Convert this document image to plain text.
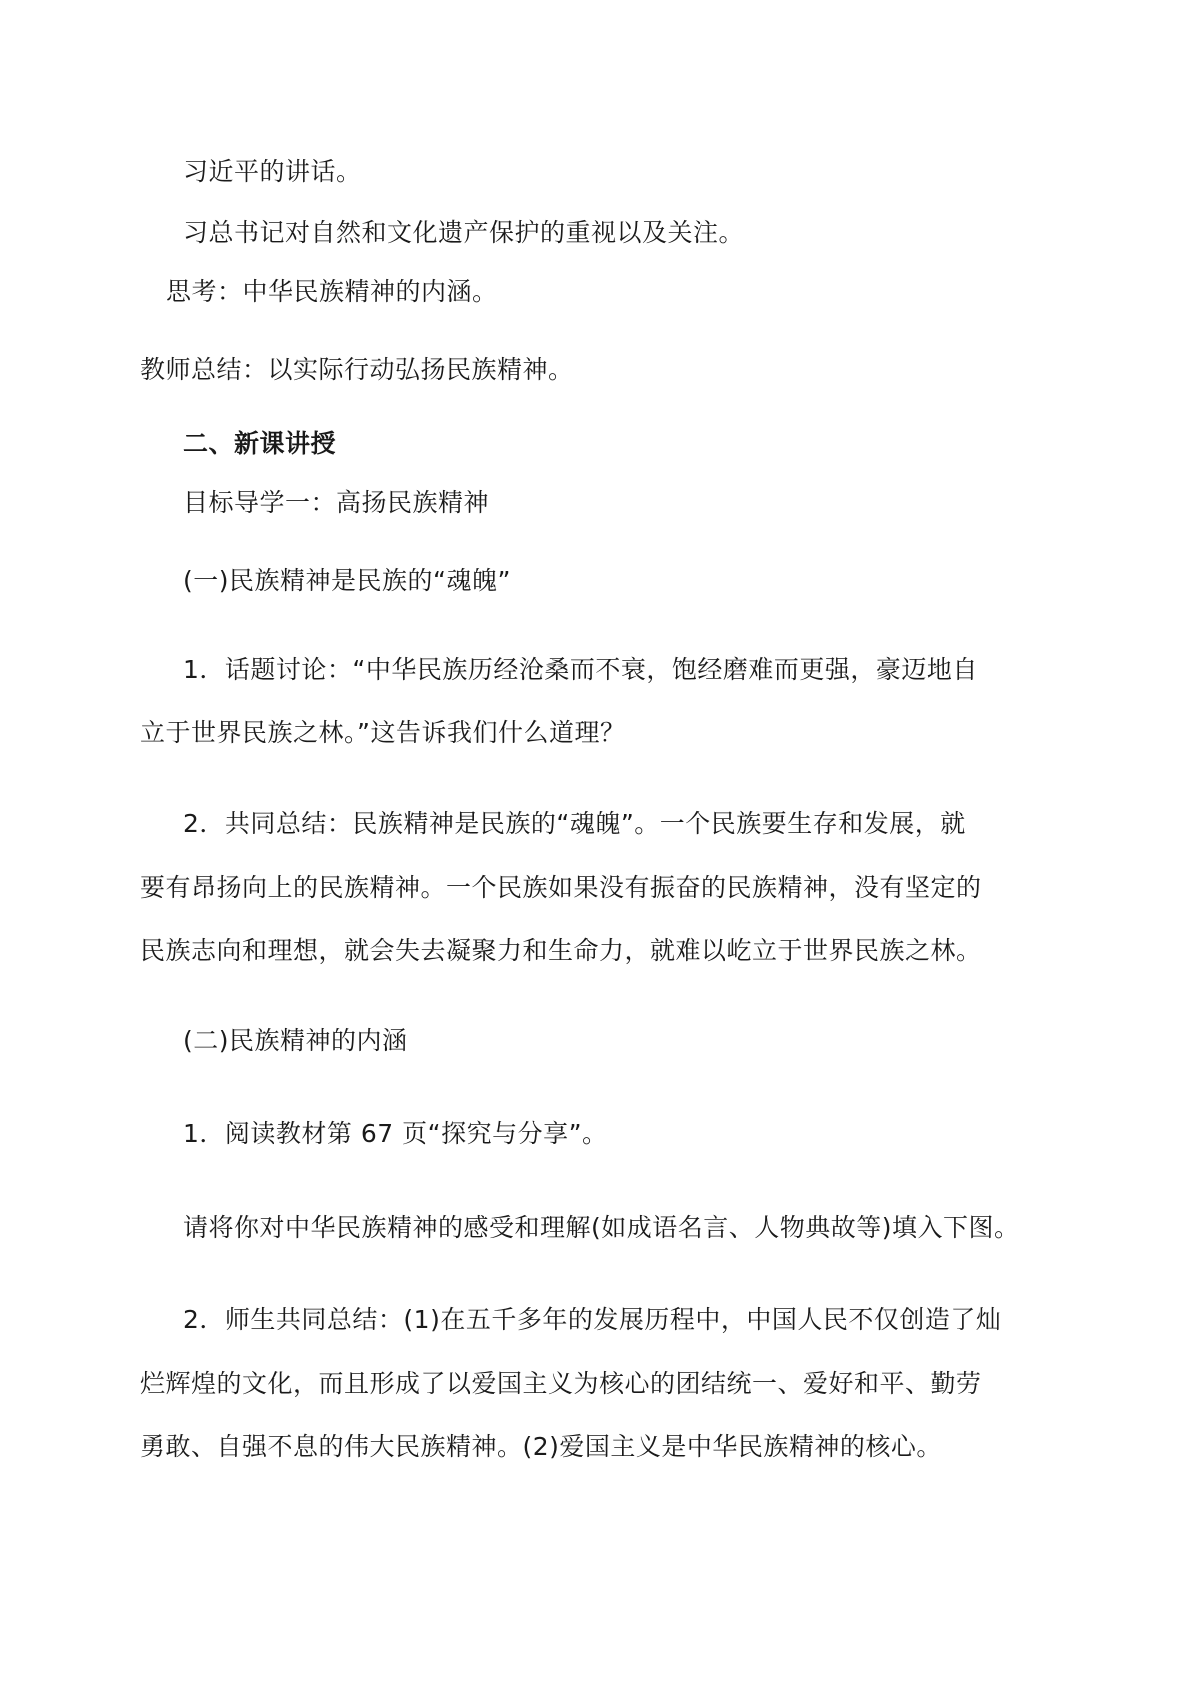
习近平的讲话。
习总书记对自然和文化遗产保护的重视以及关注。
思考：中华民族精神的内涵。
教师总结：以实际行动弘扬民族精神。
二、新课讲授
目标导学一：高扬民族精神
(一)民族精神是民族的“魂魄”
1．话题讨论：“中华民族历经沧桑而不衰，饱经磨难而更强，豪迈地自
立于世界民族之林。”这告诉我们什么道理？
2．共同总结：民族精神是民族的“魂魄”。一个民族要生存和发展，就
要有昂扬向上的民族精神。一个民族如果没有振奋的民族精神，没有坚定的
民族志向和理想，就会失去凝聚力和生命力，就难以屹立于世界民族之林。
(二)民族精神的内涵
1．阅读教材第 67 页“探究与分享”。
请将你对中华民族精神的感受和理解(如成语名言、人物典故等)填入下图。
2．师生共同总结：(1)在五千多年的发展历程中，中国人民不仅创造了灿
烂辉煌的文化，而且形成了以爱国主义为核心的团结统一、爱好和平、勤劳
勇敢、自强不息的伟大民族精神。(2)爱国主义是中华民族精神的核心。
